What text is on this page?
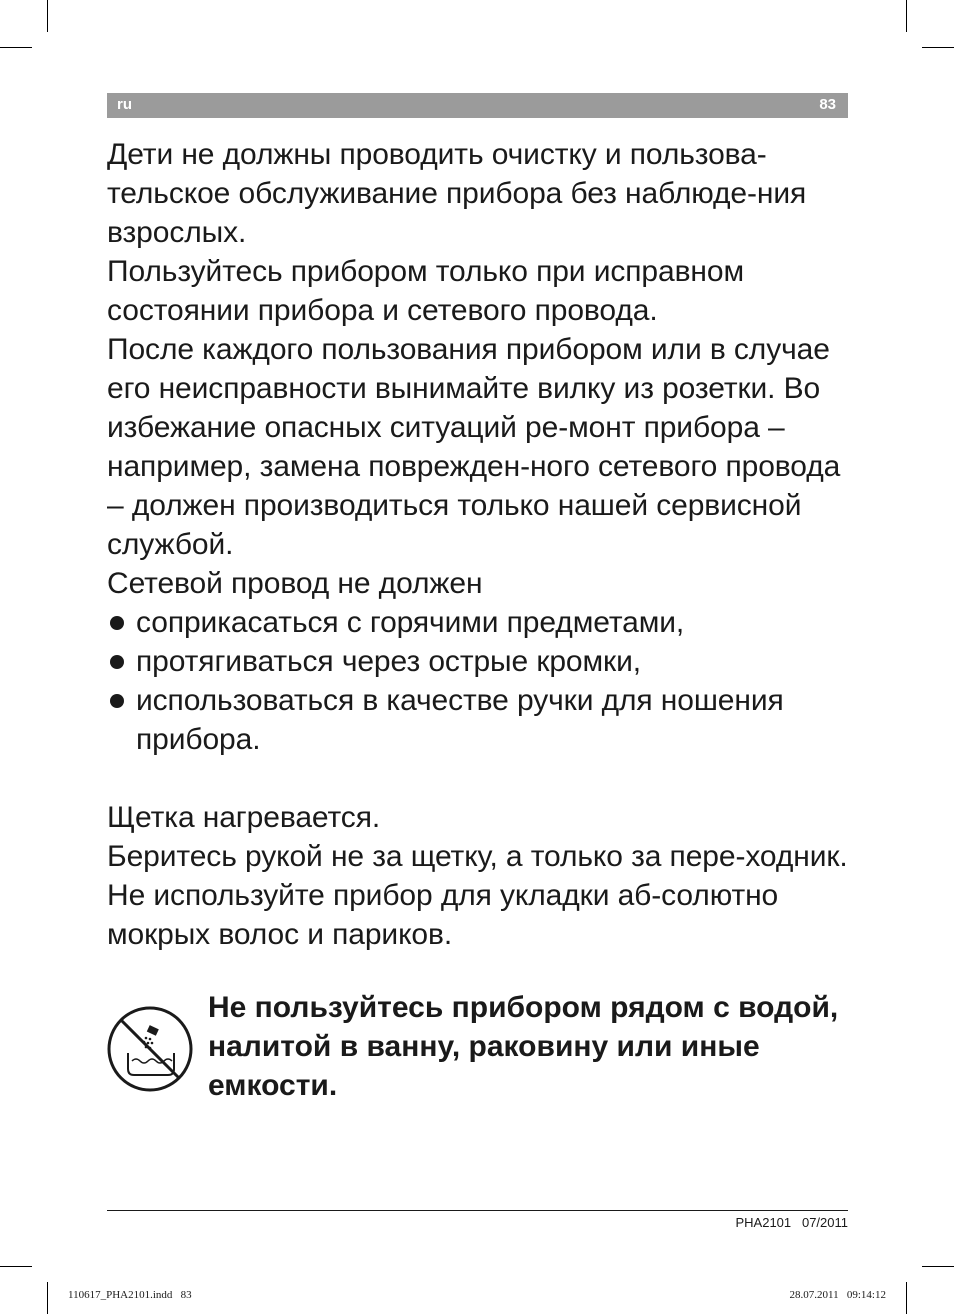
ru	83

Дети не должны проводить очистку и пользова-тельское обслуживание прибора без наблюде-ния взрослых.

Пользуйтесь прибором только при исправном состоянии прибора и сетевого провода.

После каждого пользования прибором или в случае его неисправности вынимайте вилку из розетки. Во избежание опасных ситуаций ре-монт прибора – например, замена поврежден-ного сетевого провода – должен производиться только нашей сервисной службой.

Сетевой провод не должен

соприкасаться с горячими предметами,
протягиваться через острые кромки,
использоваться в качестве ручки для ношения прибора.

Щетка нагревается.

Беритесь рукой не за щетку, а только за пере-ходник. Не используйте прибор для укладки аб-солютно мокрых волос и париков.

Не пользуйтесь прибором рядом с водой, налитой в ванну, раковину или иные емкости.
PHA2101   07/2011
110617_PHA2101.indd   83	28.07.2011   09:14:12
